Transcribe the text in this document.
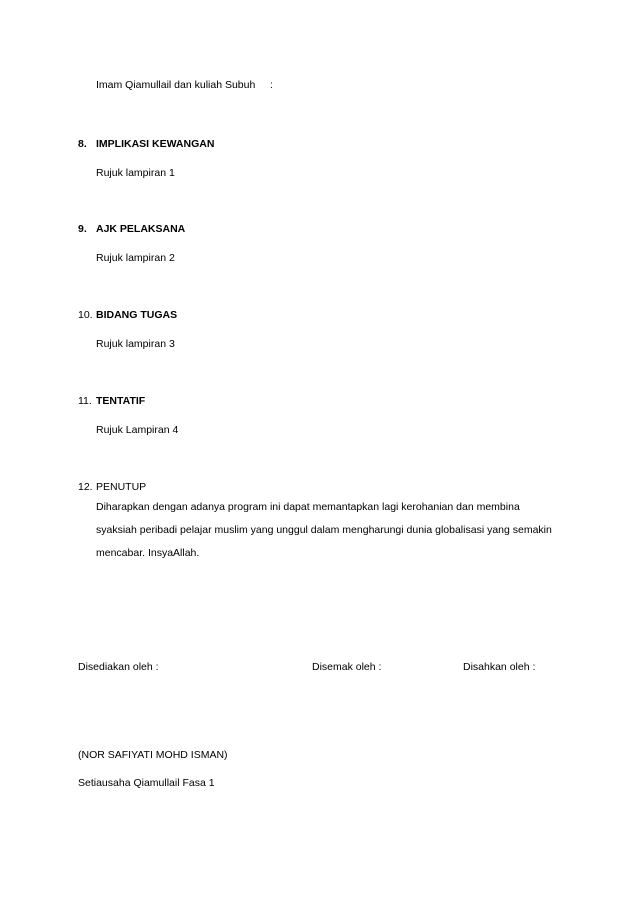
Imam Qiamullail dan kuliah Subuh :
8. IMPLIKASI KEWANGAN
Rujuk lampiran 1
9. AJK PELAKSANA
Rujuk lampiran 2
10. BIDANG TUGAS
Rujuk lampiran 3
11. TENTATIF
Rujuk Lampiran 4
12. PENUTUP
Diharapkan dengan adanya program ini dapat memantapkan lagi kerohanian dan membina
syaksiah peribadi pelajar muslim yang unggul dalam mengharungi dunia globalisasi yang semakin
mencabar. InsyaAllah.
Disediakan oleh :	Disemak oleh :	Disahkan oleh :
(NOR SAFIYATI MOHD ISMAN)
Setiausaha Qiamullail Fasa 1
